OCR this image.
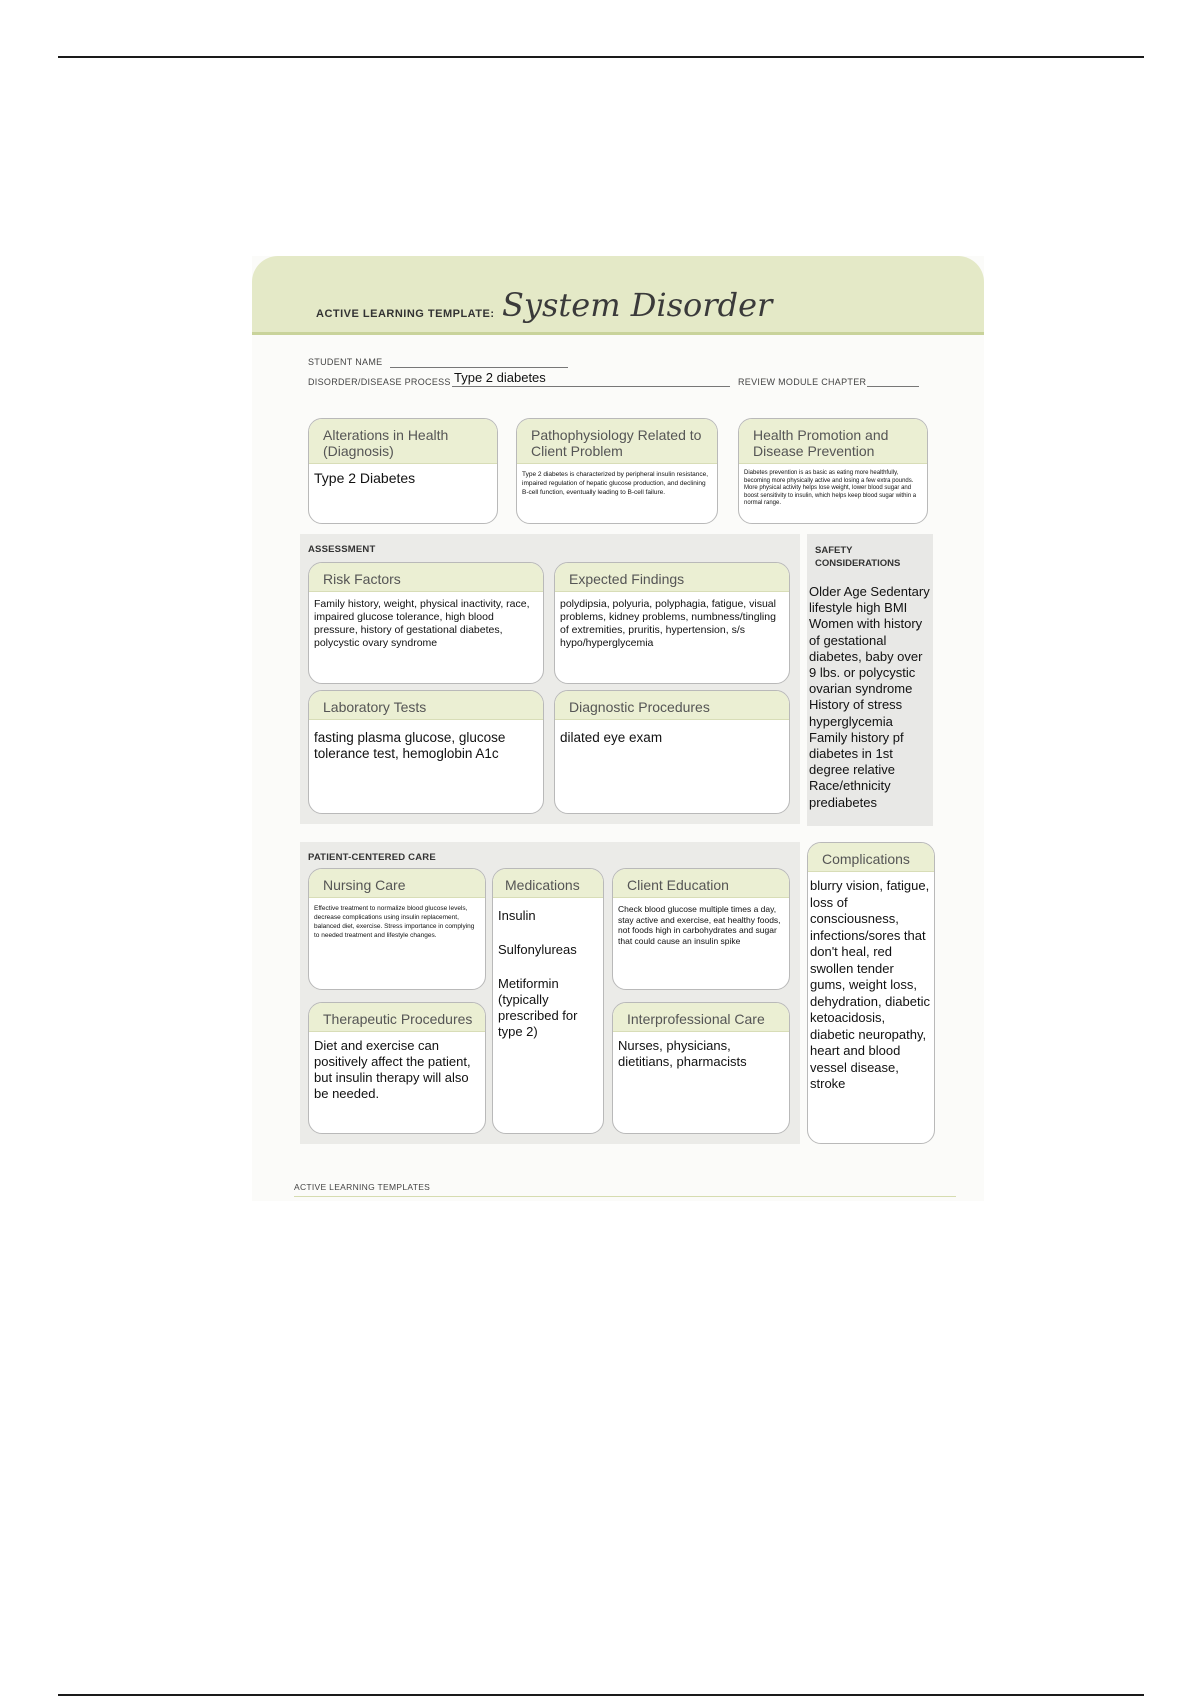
ACTIVE LEARNING TEMPLATE: System Disorder
STUDENT NAME
DISORDER/DISEASE PROCESS Type 2 diabetes	REVIEW MODULE CHAPTER
Alterations in Health (Diagnosis)
Type 2 Diabetes
Pathophysiology Related to Client Problem
Type 2 diabetes is characterized by peripheral insulin resistance, impaired regulation of hepatic glucose production, and declining B-cell function, eventually leading to B-cell failure.
Health Promotion and Disease Prevention
Diabetes prevention is as basic as eating more healthfully, becoming more physically active and losing a few extra pounds. More physical activity helps lose weight, lower blood sugar and boost sensitivity to insulin, which helps keep blood sugar within a normal range.
ASSESSMENT
Risk Factors
Family history, weight, physical inactivity, race, impaired glucose tolerance, high blood pressure, history of gestational diabetes, polycystic ovary syndrome
Expected Findings
polydipsia, polyuria, polyphagia, fatigue, visual problems, kidney problems, numbness/tingling of extremities, pruritis, hypertension, s/s hypo/hyperglycemia
Laboratory Tests
fasting plasma glucose, glucose tolerance test, hemoglobin A1c
Diagnostic Procedures
dilated eye exam
SAFETY CONSIDERATIONS
Older Age Sedentary lifestyle high BMI Women with history of gestational diabetes, baby over 9 lbs. or polycystic ovarian syndrome History of stress hyperglycemia Family history pf diabetes in 1st degree relative Race/ethnicity prediabetes
PATIENT-CENTERED CARE
Nursing Care
Effective treatment to normalize blood glucose levels, decrease complications using insulin replacement, balanced diet, exercise. Stress importance in complying to needed treatment and lifestyle changes.
Medications

Insulin

Sulfonylureas

Metiformin (typically prescribed for type 2)

Client Education
Check blood glucose multiple times a day, stay active and exercise, eat healthy foods, not foods high in carbohydrates and sugar that could cause an insulin spike
Therapeutic Procedures
Diet and exercise can positively affect the patient, but insulin therapy will also be needed.
Interprofessional Care
Nurses, physicians, dietitians, pharmacists
Complications
blurry vision, fatigue, loss of consciousness, infections/sores that don't heal, red swollen tender gums, weight loss, dehydration, diabetic ketoacidosis, diabetic neuropathy, heart and blood vessel disease, stroke
ACTIVE LEARNING TEMPLATES
